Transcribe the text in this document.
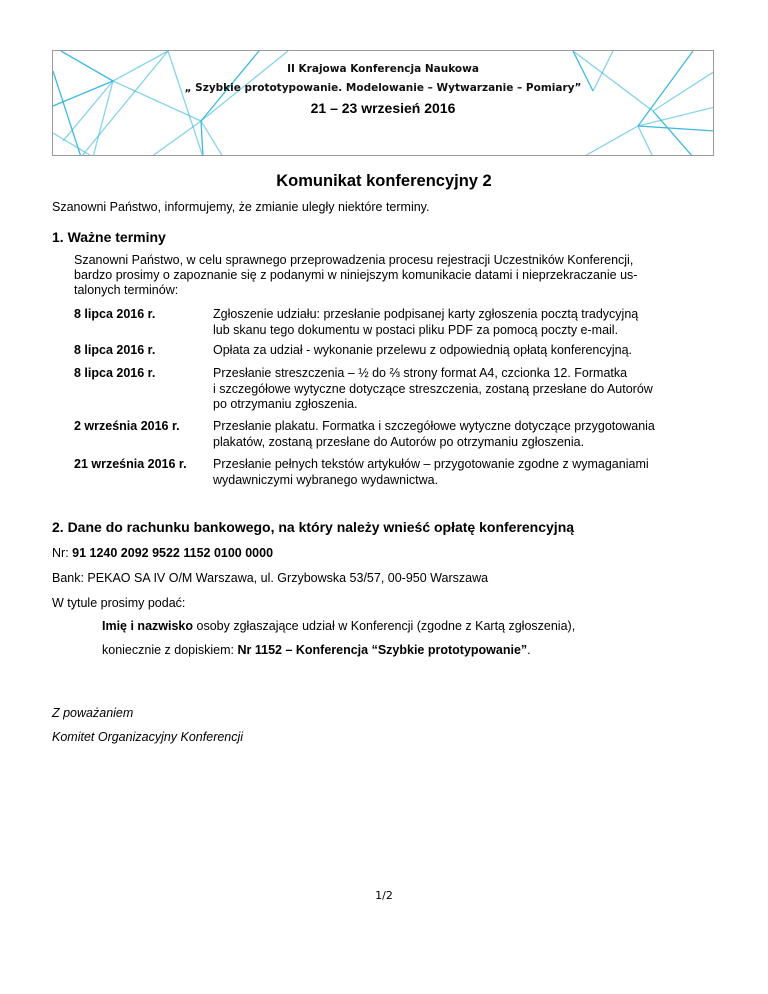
II Krajowa Konferencja Naukowa
„ Szybkie prototypowanie. Modelowanie – Wytwarzanie – Pomiary”
21 – 23 wrzesień 2016
Komunikat konferencyjny 2
Szanowni Państwo, informujemy, że zmianie uległy niektóre terminy.
1. Ważne terminy
Szanowni Państwo, w celu sprawnego przeprowadzenia procesu rejestracji Uczestników Konferencji,
bardzo prosimy o zapoznanie się z podanymi w niniejszym komunikacie datami i nieprzekraczanie us-
talonych terminów:
8 lipca 2016 r.	Zgłoszenie udziału: przesłanie podpisanej karty zgłoszenia pocztą tradycyjną
lub skanu tego dokumentu w postaci pliku PDF za pomocą poczty e-mail.
8 lipca 2016 r.	Opłata za udział - wykonanie przelewu z odpowiednią opłatą konferencyjną.
8 lipca 2016 r.	Przesłanie streszczenia – ½ do ⅔ strony format A4, czcionka 12. Formatka
i szczegółowe wytyczne dotyczące streszczenia, zostaną przesłane do Autorów
po otrzymaniu zgłoszenia.
2 września 2016 r.	Przesłanie plakatu. Formatka i szczegółowe wytyczne dotyczące przygotowania
plakatów, zostaną przesłane do Autorów po otrzymaniu zgłoszenia.
21 września 2016 r. Przesłanie pełnych tekstów artykułów – przygotowanie zgodne z wymaganiami
wydawniczymi wybranego wydawnictwa.
2. Dane do rachunku bankowego, na który należy wnieść opłatę konferencyjną
Nr: 91 1240 2092 9522 1152 0100 0000
Bank: PEKAO SA IV O/M Warszawa, ul. Grzybowska 53/57, 00-950 Warszawa
W tytule prosimy podać:
Imię i nazwisko osoby zgłaszające udział w Konferencji (zgodne z Kartą zgłoszenia),
koniecznie z dopiskiem: Nr 1152 – Konferencja “Szybkie prototypowanie”.
Z poważaniem
Komitet Organizacyjny Konferencji
1/2
